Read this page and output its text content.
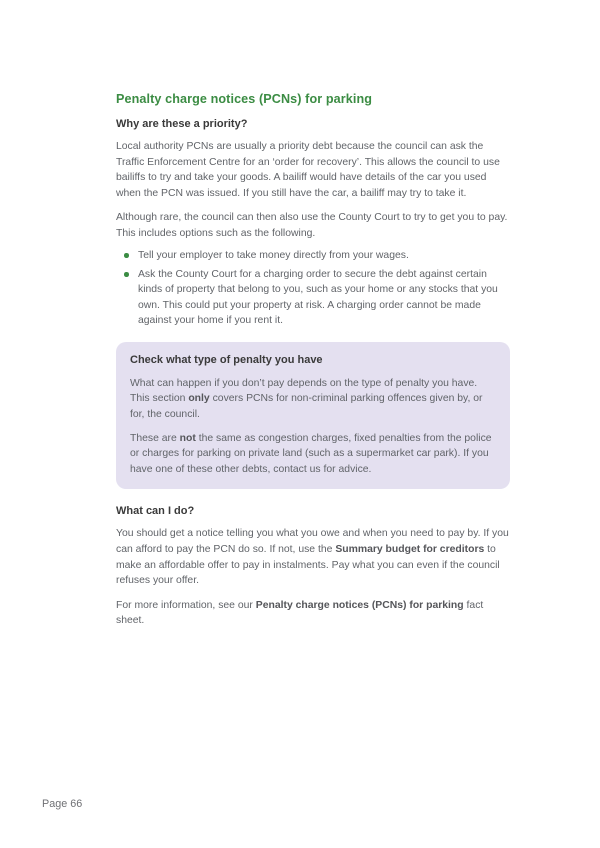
Penalty charge notices (PCNs) for parking
Why are these a priority?

Local authority PCNs are usually a priority debt because the council can ask the Traffic Enforcement Centre for an ‘order for recovery’. This allows the council to use bailiffs to try and take your goods. A bailiff would have details of the car you used when the PCN was issued. If you still have the car, a bailiff may try to take it.

Although rare, the council can then also use the County Court to try to get you to pay. This includes options such as the following.

Tell your employer to take money directly from your wages.
Ask the County Court for a charging order to secure the debt against certain kinds of property that belong to you, such as your home or any stocks that you own. This could put your property at risk. A charging order cannot be made against your home if you rent it.
Check what type of penalty you have

What can happen if you don’t pay depends on the type of penalty you have. This section only covers PCNs for non-criminal parking offences given by, or for, the council.

These are not the same as congestion charges, fixed penalties from the police or charges for parking on private land (such as a supermarket car park). If you have one of these other debts, contact us for advice.

What can I do?

You should get a notice telling you what you owe and when you need to pay by. If you can afford to pay the PCN do so. If not, use the Summary budget for creditors to make an affordable offer to pay in instalments. Pay what you can even if the council refuses your offer.

For more information, see our Penalty charge notices (PCNs) for parking fact sheet.

Page 66
